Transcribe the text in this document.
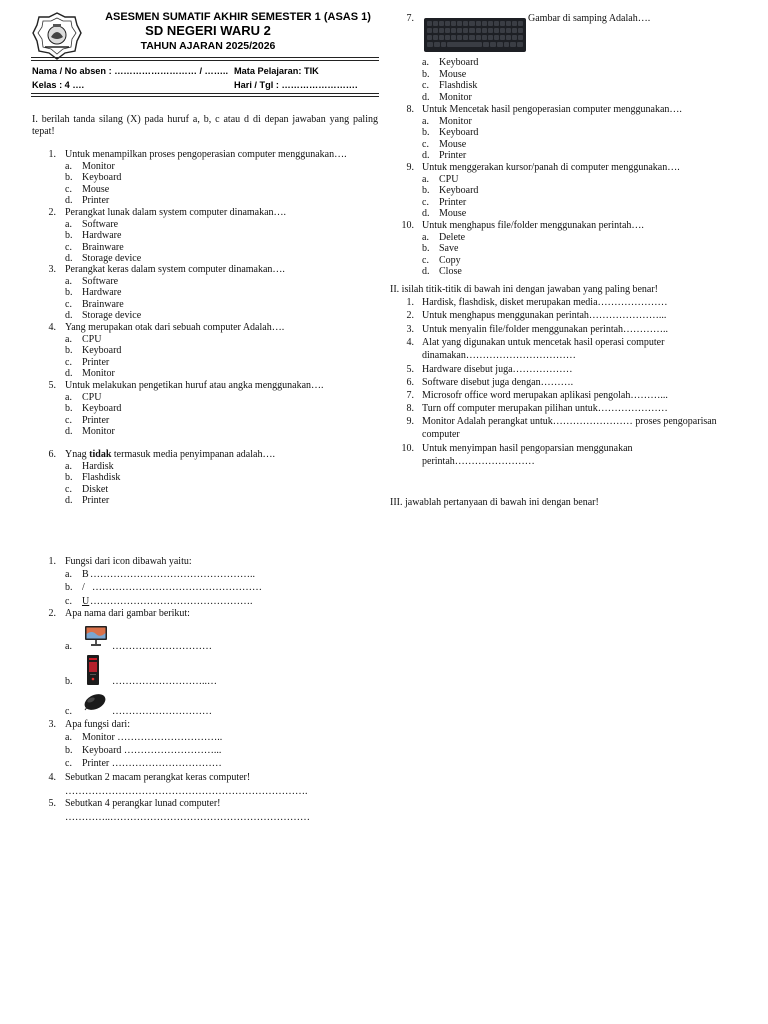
ASESMEN SUMATIF AKHIR SEMESTER 1 (ASAS 1)
SD NEGERI WARU 2
TAHUN AJARAN 2025/2026
Nama / No absen : ……………………… / …….. Mata Pelajaran: TIK
Kelas : 4 ….	Hari / Tgl : …………………….
I. berilah tanda silang (X) pada huruf a, b, c atau d di depan jawaban yang paling tepat!
1. Untuk menampilkan proses pengoperasian computer menggunakan….
a.	Monitor
b. Keyboard
c.	Mouse
d. Printer
2. Perangkat lunak dalam system computer dinamakan….
a.	Software
b. Hardware
c.	Brainware
d. Storage device
3. Perangkat keras dalam system computer dinamakan….
a.	Software
b. Hardware
c.	Brainware
d. Storage device
4. Yang merupakan otak dari sebuah computer Adalah….
a.	CPU
b. Keyboard
c.	Printer
d. Monitor
5. Untuk melakukan pengetikan huruf atau angka menggunakan….
a.	CPU
b. Keyboard
c.	Printer
d. Monitor
6. Ynag tidak termasuk media penyimpanan adalah….
a.	Hardisk
b. Flashdisk
c.	Disket
d. Printer
7.	Gambar di samping Adalah….
a.	Keyboard
b. Mouse
c.	Flashdisk
d. Monitor
8. Untuk Mencetak hasil pengoperasian computer menggunakan….
a.	Monitor
b. Keyboard
c.	Mouse
d. Printer
9. Untuk menggerakan kursor/panah di computer menggunakan….
a.	CPU
b. Keyboard
c.	Printer
d. Mouse
10. Untuk menghapus file/folder menggunakan perintah….
a.	Delete
b. Save
c.	Copy
d. Close
II. isilah titik-titik di bawah ini dengan jawaban yang paling benar!
1. Hardisk, flashdisk, disket merupakan media…………………
2. Untuk menghapus menggunakan perintah…………………...
3. Untuk menyalin file/folder menggunakan perintah…………..
4. Alat yang digunakan untuk mencetak hasil operasi computer
dinamakan……………………………
5. Hardware disebut juga………………
6. Software disebut juga dengan……….
7. Microsofr office word merupakan aplikasi pengolah………...
8. Turn off computer merupakan pilihan untuk…………………
9. Monitor Adalah perangkat untuk…………………… proses pengoparisan
computer
10. Untuk menyimpan hasil pengoparsian menggunakan
perintah……………………
III. jawablah pertanyaan di bawah ini dengan benar!
1. Fungsi dari icon dibawah yaitu:
a.	B …………………………………………..
b. / ……………………………………………
c.	U ………………………………………….
2. Apa nama dari gambar berikut:
a.	…………………………
b.	………………………..…
c.	…………………………
3. Apa fungsi dari:
a.	Monitor …………………………..
b. Keyboard ………………………...
c.	Printer ……………………………
4. Sebutkan 2 macam perangkat keras computer!
……………………………………………………………….
5. Sebutkan 4 perangkar lunad computer!
…………..……………………………………………………
